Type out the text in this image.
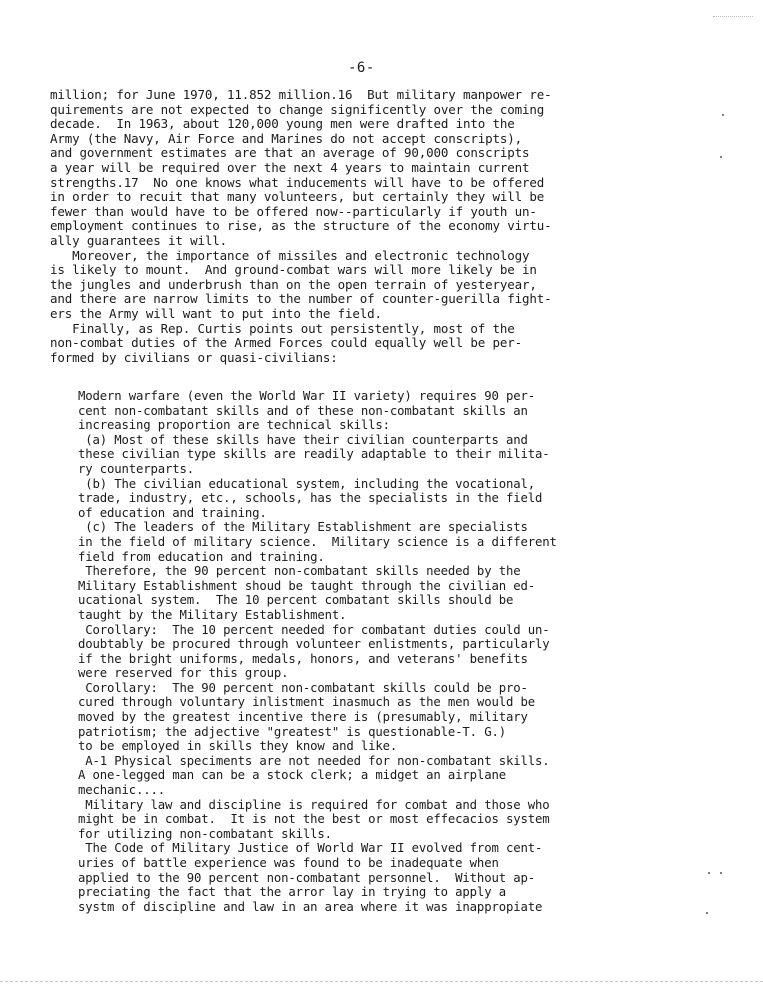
-6-
million; for June 1970, 11.852 million.16  But military manpower re-
quirements are not expected to change significently over the coming
decade.  In 1963, about 120,000 young men were drafted into the
Army (the Navy, Air Force and Marines do not accept conscripts),
and government estimates are that an average of 90,000 conscripts
a year will be required over the next 4 years to maintain current
strengths.17  No one knows what inducements will have to be offered
in order to recuit that many volunteers, but certainly they will be
fewer than would have to be offered now--particularly if youth un-
employment continues to rise, as the structure of the economy virtu-
ally guarantees it will.
Moreover, the importance of missiles and electronic technology
is likely to mount.  And ground-combat wars will more likely be in
the jungles and underbrush than on the open terrain of yesteryear,
and there are narrow limits to the number of counter-guerilla fight-
ers the Army will want to put into the field.
Finally, as Rep. Curtis points out persistently, most of the
non-combat duties of the Armed Forces could equally well be per-
formed by civilians or quasi-civilians:
Modern warfare (even the World War II variety) requires 90 per-
cent non-combatant skills and of these non-combatant skills an
increasing proportion are technical skills:
(a) Most of these skills have their civilian counterparts and
these civilian type skills are readily adaptable to their milita-
ry counterparts.
(b) The civilian educational system, including the vocational,
trade, industry, etc., schools, has the specialists in the field
of education and training.
(c) The leaders of the Military Establishment are specialists
in the field of military science.  Military science is a different
field from education and training.
Therefore, the 90 percent non-combatant skills needed by the
Military Establishment shoud be taught through the civilian ed-
ucational system.  The 10 percent combatant skills should be
taught by the Military Establishment.
Corollary:  The 10 percent needed for combatant duties could un-
doubtably be procured through volunteer enlistments, particularly
if the bright uniforms, medals, honors, and veterans' benefits
were reserved for this group.
Corollary:  The 90 percent non-combatant skills could be pro-
cured through voluntary inlistment inasmuch as the men would be
moved by the greatest incentive there is (presumably, military
patriotism; the adjective "greatest" is questionable-T. G.)
to be employed in skills they know and like.
A-1 Physical speciments are not needed for non-combatant skills.
A one-legged man can be a stock clerk; a midget an airplane
mechanic....
Military law and discipline is required for combat and those who
might be in combat.  It is not the best or most effecacios system
for utilizing non-combatant skills.
The Code of Military Justice of World War II evolved from cent-
uries of battle experience was found to be inadequate when
applied to the 90 percent non-combatant personnel.  Without ap-
preciating the fact that the arror lay in trying to apply a
systm of discipline and law in an area where it was inappropiate
